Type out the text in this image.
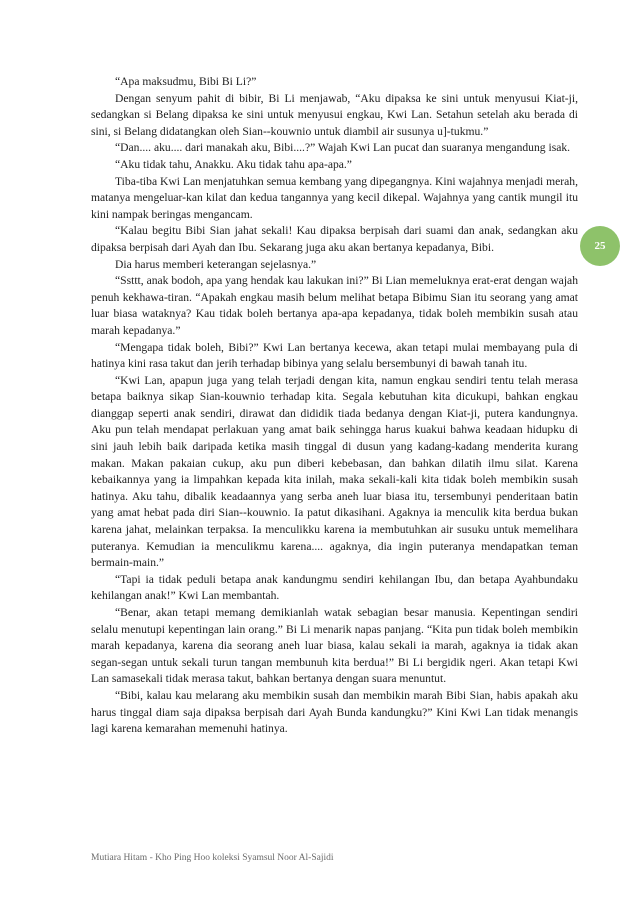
“Apa maksudmu, Bibi Bi Li?”

Dengan senyum pahit di bibir, Bi Li menjawab, “Aku dipaksa ke sini untuk menyusui Kiat-ji, sedangkan si Belang dipaksa ke sini untuk menyusui engkau, Kwi Lan. Setahun setelah aku berada di sini, si Belang didatangkan oleh Sian--kouwnio untuk diambil air susunya u]-tukmu.”

“Dan.... aku.... dari manakah aku, Bibi....?” Wajah Kwi Lan pucat dan suaranya mengandung isak.

“Aku tidak tahu, Anakku. Aku tidak tahu apa-apa.”

Tiba-tiba Kwi Lan menjatuhkan semua kembang yang dipegangnya. Kini wajahnya menjadi merah, matanya mengeluar-kan kilat dan kedua tangannya yang kecil dikepal. Wajahnya yang cantik mungil itu kini nampak beringas mengancam.

“Kalau begitu Bibi Sian jahat sekali! Kau dipaksa berpisah dari suami dan anak, sedangkan aku dipaksa berpisah dari Ayah dan Ibu. Sekarang juga aku akan bertanya kepadanya, Bibi.

Dia harus memberi keterangan sejelasnya.”

“Ssttt, anak bodoh, apa yang hendak kau lakukan ini?” Bi Lian memeluknya erat-erat dengan wajah penuh kekhawa-tiran. “Apakah engkau masih belum melihat betapa Bibimu Sian itu seorang yang amat luar biasa wataknya? Kau tidak boleh bertanya apa-apa kepadanya, tidak boleh membikin susah atau marah kepadanya.”

“Mengapa tidak boleh, Bibi?” Kwi Lan bertanya kecewa, akan tetapi mulai membayang pula di hatinya kini rasa takut dan jerih terhadap bibinya yang selalu bersembunyi di bawah tanah itu.

“Kwi Lan, apapun juga yang telah terjadi dengan kita, namun engkau sendiri tentu telah merasa betapa baiknya sikap Sian-kouwnio terhadap kita. Segala kebutuhan kita dicukupi, bahkan engkau dianggap seperti anak sendiri, dirawat dan dididik tiada bedanya dengan Kiat-ji, putera kandungnya. Aku pun telah mendapat perlakuan yang amat baik sehingga harus kuakui bahwa keadaan hidupku di sini jauh lebih baik daripada ketika masih tinggal di dusun yang kadang-kadang menderita kurang makan. Makan pakaian cukup, aku pun diberi kebebasan, dan bahkan dilatih ilmu silat. Karena kebaikannya yang ia limpahkan kepada kita inilah, maka sekali-kali kita tidak boleh membikin susah hatinya. Aku tahu, dibalik keadaannya yang serba aneh luar biasa itu, tersembunyi penderitaan batin yang amat hebat pada diri Sian--kouwnio. Ia patut dikasihani. Agaknya ia menculik kita berdua bukan karena jahat, melainkan terpaksa. Ia menculikku karena ia membutuhkan air susuku untuk memelihara puteranya. Kemudian ia menculikmu karena.... agaknya, dia ingin puteranya mendapatkan teman bermain-main.”

“Tapi ia tidak peduli betapa anak kandungmu sendiri kehilangan Ibu, dan betapa Ayahbundaku kehilangan anak!” Kwi Lan membantah.

“Benar, akan tetapi memang demikianlah watak sebagian besar manusia. Kepentingan sendiri selalu menutupi kepentingan lain orang.” Bi Li menarik napas panjang. “Kita pun tidak boleh membikin marah kepadanya, karena dia seorang aneh luar biasa, kalau sekali ia marah, agaknya ia tidak akan segan-segan untuk sekali turun tangan membunuh kita berdua!” Bi Li bergidik ngeri. Akan tetapi Kwi Lan samasekali tidak merasa takut, bahkan bertanya dengan suara menuntut.

“Bibi, kalau kau melarang aku membikin susah dan membikin marah Bibi Sian, habis apakah aku harus tinggal diam saja dipaksa berpisah dari Ayah Bunda kandungku?” Kini Kwi Lan tidak menangis lagi karena kemarahan memenuhi hatinya.

25
Mutiara Hitam - Kho Ping Hoo koleksi Syamsul Noor Al-Sajidi
